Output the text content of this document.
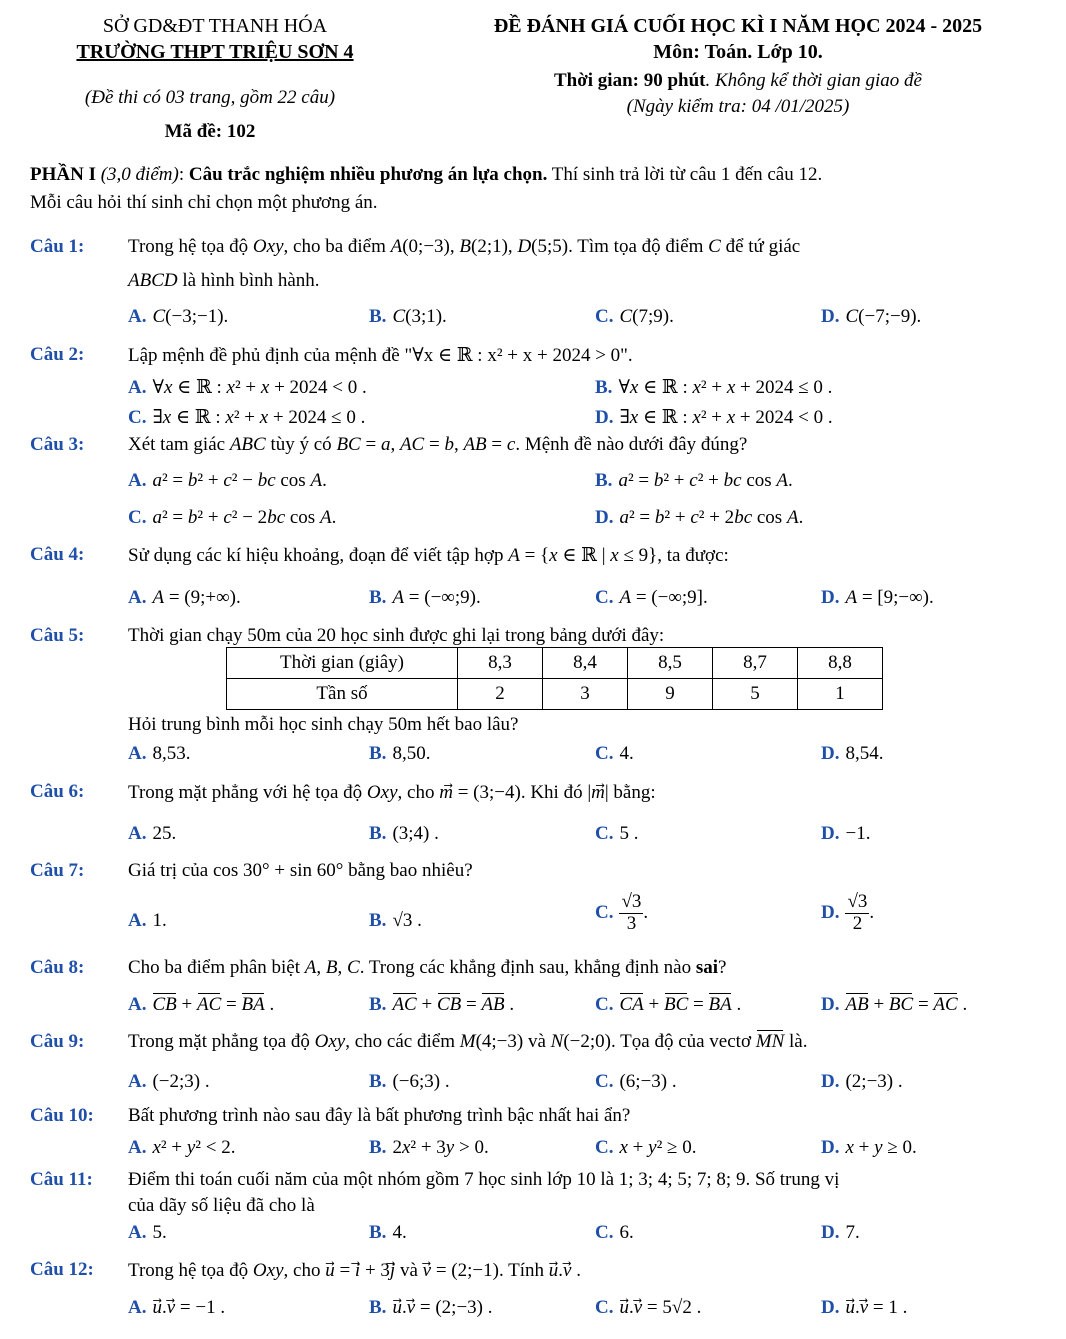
SỞ GD&ĐT THANH HÓA
TRƯỜNG THPT TRIỆU SƠN 4
(Đề thi có 03 trang, gồm 22 câu)
Mã đề: 102
ĐỀ ĐÁNH GIÁ CUỐI HỌC KÌ I NĂM HỌC 2024 - 2025
Môn: Toán. Lớp 10.
Thời gian: 90 phút. Không kể thời gian giao đề
(Ngày kiểm tra: 04 /01/2025)
PHẦN I (3,0 điểm): Câu trắc nghiệm nhiều phương án lựa chọn. Thí sinh trả lời từ câu 1 đến câu 12.
Mỗi câu hỏi thí sinh chỉ chọn một phương án.
Câu 1: Trong hệ tọa độ Oxy, cho ba điểm A(0;−3), B(2;1), D(5;5). Tìm tọa độ điểm C để tứ giác
ABCD là hình bình hành.
A. C(−3;−1).	B. C(3;1).	C. C(7;9).	D. C(−7;−9).
Câu 2: Lập mệnh đề phủ định của mệnh đề "∀x ∈ ℝ : x² + x + 2024 > 0".
A. ∀x ∈ ℝ : x² + x + 2024 < 0 .	B. ∀x ∈ ℝ : x² + x + 2024 ≤ 0 .
C. ∃x ∈ ℝ : x² + x + 2024 ≤ 0 .	D. ∃x ∈ ℝ : x² + x + 2024 < 0 .
Câu 3: Xét tam giác ABC tùy ý có BC = a, AC = b, AB = c. Mệnh đề nào dưới đây đúng?
A. a² = b² + c² − bc cos A.	B. a² = b² + c² + bc cos A.
C. a² = b² + c² − 2bc cos A.	D. a² = b² + c² + 2bc cos A.
Câu 4: Sử dụng các kí hiệu khoảng, đoạn để viết tập hợp A = {x ∈ ℝ | x ≤ 9}, ta được:
A. A = (9;+∞).	B. A = (−∞;9).	C. A = (−∞;9].	D. A = [9;−∞).
Câu 5: Thời gian chạy 50m của 20 học sinh được ghi lại trong bảng dưới đây:
Thời gian (giây)	8,3	8,4	8,5	8,7	8,8
Tần số	2	3	9	5	1
Hỏi trung bình mỗi học sinh chạy 50m hết bao lâu?
A. 8,53.	B. 8,50.	C. 4.	D. 8,54.
Câu 6: Trong mặt phẳng với hệ tọa độ Oxy, cho m⃗ = (3;−4). Khi đó |m⃗| bằng:
A. 25.	B. (3;4) .	C. 5 .	D. −1.
Câu 7: Giá trị của cos 30° + sin 60° bằng bao nhiêu?
A. 1.	B. √3 .	C. $\frac{√3}{3}$ .	D. $\frac{√3}{2}$ .
Câu 8: Cho ba điểm phân biệt A, B, C. Trong các khẳng định sau, khẳng định nào sai?
A. CB + AC = BA .	B. AC + CB = AB .	C. CA + BC = BA .	D. AB + BC = AC .
Câu 9: Trong mặt phẳng tọa độ Oxy, cho các điểm M(4;−3) và N(−2;0). Tọa độ của vectơ MN là.
A. (−2;3) .	B. (−6;3) .	C. (6;−3) .	D. (2;−3) .
Câu 10: Bất phương trình nào sau đây là bất phương trình bậc nhất hai ẩn?
A. x² + y² < 2.	B. 2x² + 3y > 0.	C. x + y² ≥ 0.	D. x + y ≥ 0.
Câu 11: Điểm thi toán cuối năm của một nhóm gồm 7 học sinh lớp 10 là 1; 3; 4; 5; 7; 8; 9. Số trung vị
của dãy số liệu đã cho là
A. 5.	B. 4.	C. 6.	D. 7.
Câu 12: Trong hệ tọa độ Oxy, cho u⃗ = i⃗ + 3j và v⃗ = (2;−1). Tính u⃗.v⃗ .
A. u⃗.v⃗ = −1 .	B. u⃗.v⃗ = (2;−3) .	C. u⃗.v⃗ = 5√2 .	D. u⃗.v⃗ = 1 .
